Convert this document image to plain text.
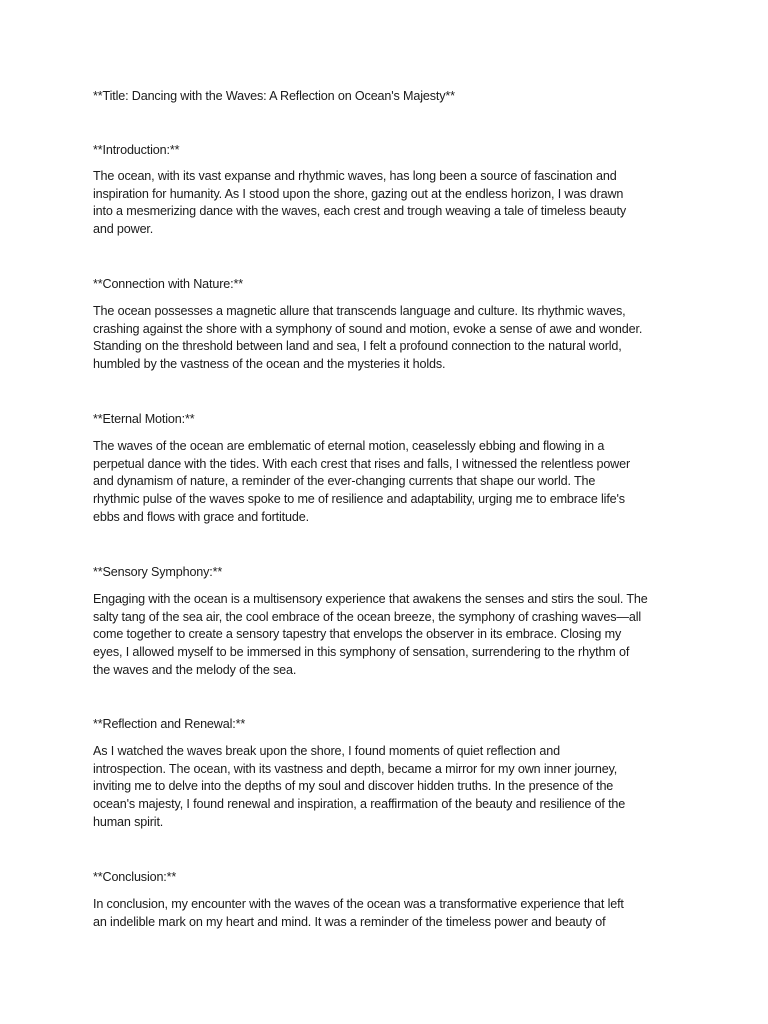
**Title: Dancing with the Waves: A Reflection on Ocean's Majesty**

**Introduction:**

The ocean, with its vast expanse and rhythmic waves, has long been a source of fascination and
inspiration for humanity. As I stood upon the shore, gazing out at the endless horizon, I was drawn
into a mesmerizing dance with the waves, each crest and trough weaving a tale of timeless beauty
and power.

**Connection with Nature:**

The ocean possesses a magnetic allure that transcends language and culture. Its rhythmic waves,
crashing against the shore with a symphony of sound and motion, evoke a sense of awe and wonder.
Standing on the threshold between land and sea, I felt a profound connection to the natural world,
humbled by the vastness of the ocean and the mysteries it holds.

**Eternal Motion:**

The waves of the ocean are emblematic of eternal motion, ceaselessly ebbing and flowing in a
perpetual dance with the tides. With each crest that rises and falls, I witnessed the relentless power
and dynamism of nature, a reminder of the ever-changing currents that shape our world. The
rhythmic pulse of the waves spoke to me of resilience and adaptability, urging me to embrace life's
ebbs and flows with grace and fortitude.

**Sensory Symphony:**

Engaging with the ocean is a multisensory experience that awakens the senses and stirs the soul. The
salty tang of the sea air, the cool embrace of the ocean breeze, the symphony of crashing waves—all
come together to create a sensory tapestry that envelops the observer in its embrace. Closing my
eyes, I allowed myself to be immersed in this symphony of sensation, surrendering to the rhythm of
the waves and the melody of the sea.

**Reflection and Renewal:**

As I watched the waves break upon the shore, I found moments of quiet reflection and
introspection. The ocean, with its vastness and depth, became a mirror for my own inner journey,
inviting me to delve into the depths of my soul and discover hidden truths. In the presence of the
ocean's majesty, I found renewal and inspiration, a reaffirmation of the beauty and resilience of the
human spirit.

**Conclusion:**

In conclusion, my encounter with the waves of the ocean was a transformative experience that left
an indelible mark on my heart and mind. It was a reminder of the timeless power and beauty of
